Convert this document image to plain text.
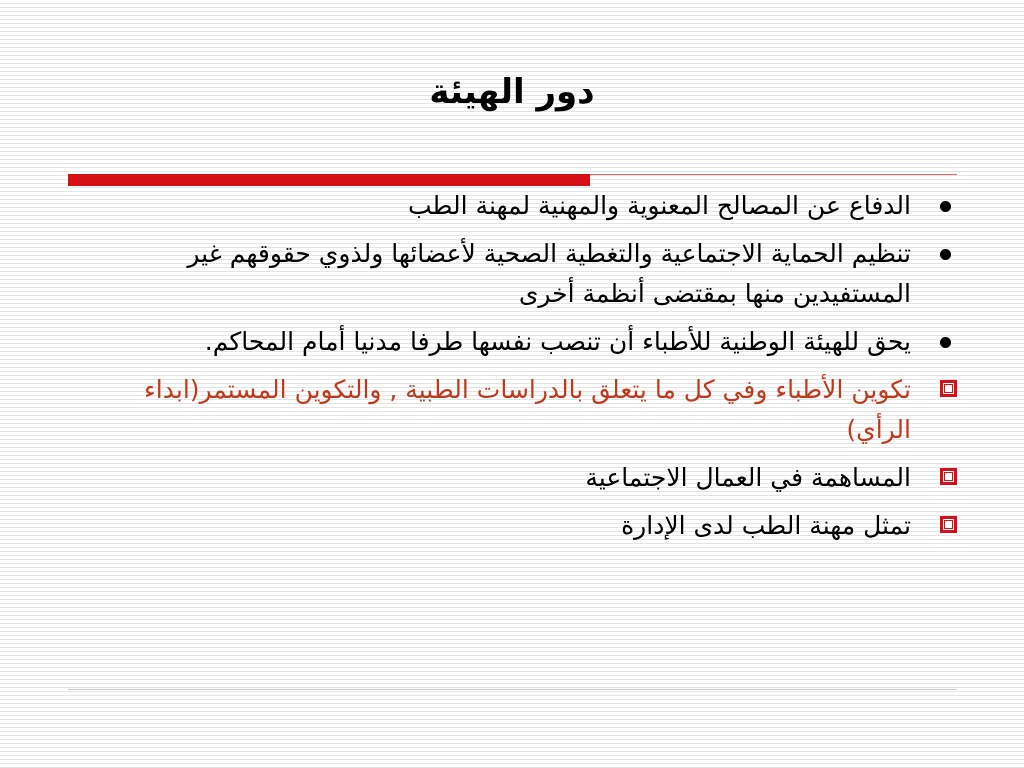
دور الهيئة
الدفاع عن المصالح المعنوية والمهنية لمهنة الطب
تنظيم الحماية الاجتماعية والتغطية الصحية لأعضائها ولذوي حقوقهم غير المستفيدين منها بمقتضى أنظمة أخرى
يحق للهيئة الوطنية للأطباء أن تنصب نفسها طرفا مدنيا أمام المحاكم.
تكوين الأطباء وفي كل ما يتعلق بالدراسات الطبية , والتكوين المستمر(ابداء الرأي)
المساهمة في العمال الاجتماعية
تمثل مهنة الطب لدى الإدارة
